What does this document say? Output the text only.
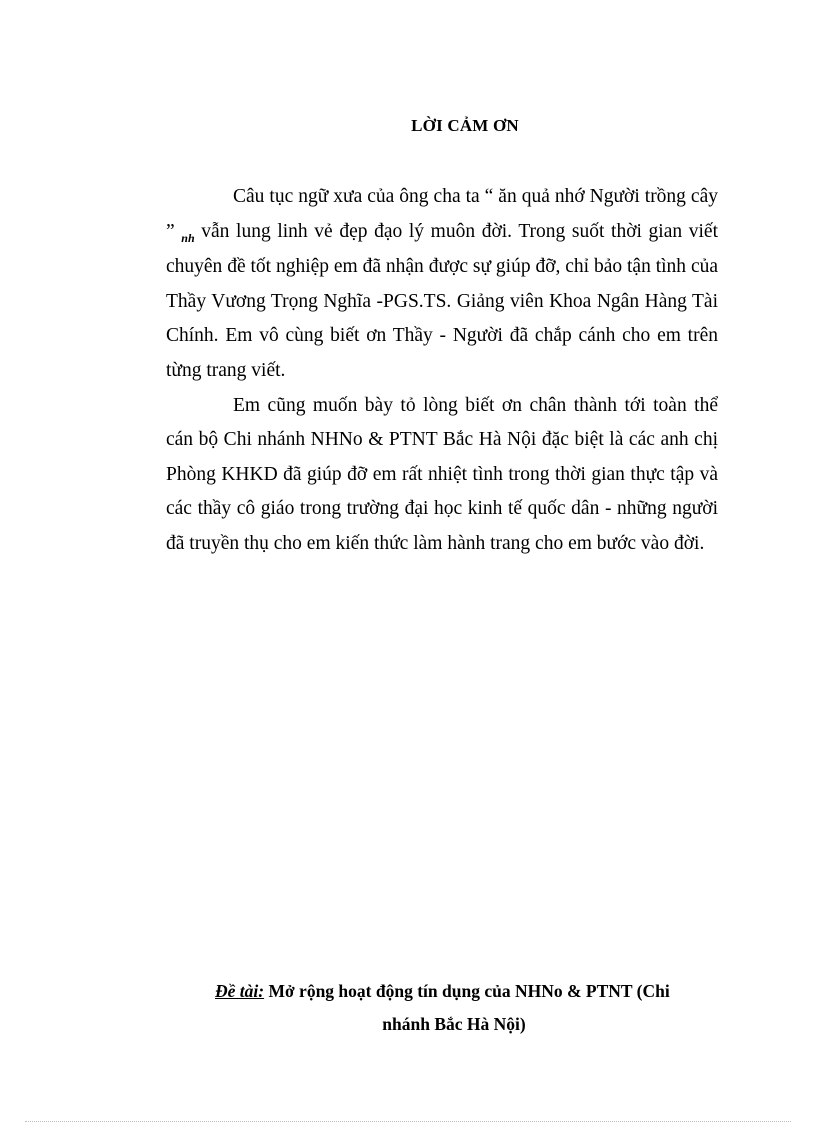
LỜI CẢM ƠN

Câu tục ngữ xưa của ông cha ta “ ăn quả nhớ Người trồng cây ” $_{nh}$ vẫn lung linh vẻ đẹp đạo lý muôn đời. Trong suốt thời gian viết chuyên đề tốt nghiệp em đã nhận được sự giúp đỡ, chỉ bảo tận tình của Thầy Vương Trọng Nghĩa -PGS.TS. Giảng viên Khoa Ngân Hàng Tài Chính. Em vô cùng biết ơn Thầy - Người đã chắp cánh cho em trên từng trang viết.

Em cũng muốn bày tỏ lòng biết ơn chân thành tới toàn thể cán bộ Chi nhánh NHNo & PTNT Bắc Hà Nội đặc biệt là các anh chị Phòng KHKD đã giúp đỡ em rất nhiệt tình trong thời gian thực tập và các thầy cô giáo trong trường đại học kinh tế quốc dân - những người đã truyền thụ cho em kiến thức làm hành trang cho em bước vào đời.

Đề tài: Mở rộng hoạt động tín dụng của NHNo & PTNT (Chi
nhánh Bắc Hà Nội)
